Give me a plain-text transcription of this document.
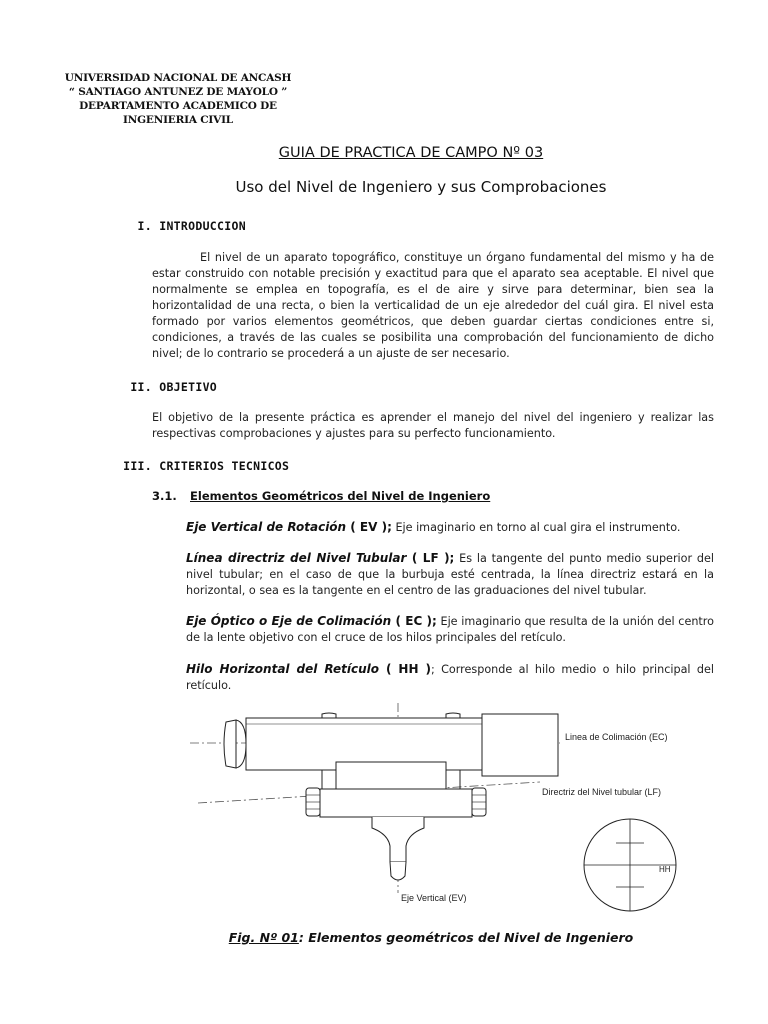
UNIVERSIDAD NACIONAL DE ANCASH
“ SANTIAGO ANTUNEZ DE MAYOLO ”
DEPARTAMENTO ACADEMICO DE
INGENIERIA CIVIL
GUIA DE PRACTICA DE CAMPO Nº 03
Uso del Nivel de Ingeniero y sus Comprobaciones
I. INTRODUCCION
El nivel de un aparato topográfico, constituye un órgano fundamental del mismo y ha de estar construido con notable precisión y exactitud para que el aparato sea aceptable. El nivel que normalmente se emplea en topografía, es el de aire y sirve para determinar, bien sea la horizontalidad de una recta, o bien la verticalidad de un eje alrededor del cuál gira. El nivel esta formado por varios elementos geométricos, que deben guardar ciertas condiciones entre si, condiciones, a través de las cuales se posibilita una comprobación del funcionamiento de dicho nivel; de lo contrario se procederá a un ajuste de ser necesario.
II. OBJETIVO
El objetivo de la presente práctica es aprender el manejo del nivel del ingeniero y realizar las respectivas comprobaciones y ajustes para su perfecto funcionamiento.
III. CRITERIOS TECNICOS
3.1. Elementos Geométricos del Nivel de Ingeniero
Eje Vertical de Rotación ( EV ); Eje imaginario en torno al cual gira el instrumento.
Línea directriz del Nivel Tubular ( LF ); Es la tangente del punto medio superior del nivel tubular; en el caso de que la burbuja esté centrada, la línea directriz estará en la horizontal, o sea es la tangente en el centro de las graduaciones del nivel tubular.
Eje Óptico o Eje de Colimación ( EC ); Eje imaginario que resulta de la unión del centro de la lente objetivo con el cruce de los hilos principales del retículo.
Hilo Horizontal del Retículo ( HH ); Corresponde al hilo medio o hilo principal del retículo.
Linea de Colimación (EC)
Directriz del Nivel tubular (LF)
Eje Vertical (EV)
HH
Fig. Nº 01: Elementos geométricos del Nivel de Ingeniero
